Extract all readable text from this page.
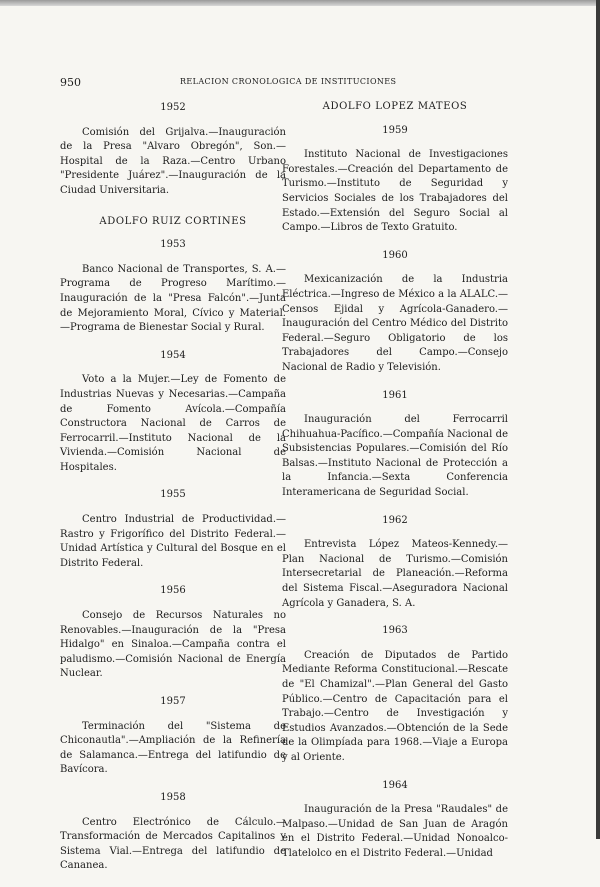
950	RELACION CRONOLOGICA DE INSTITUCIONES
1952

Comisión del Grijalva.—Inauguración de la Presa "Alvaro Obregón", Son.—Hospital de la Raza.—Centro Urbano "Presidente Juárez".—Inauguración de la Ciudad Universitaria.

ADOLFO RUIZ CORTINES
1953

Banco Nacional de Transportes, S. A.—Programa de Progreso Marítimo.—Inauguración de la "Presa Falcón".—Junta de Mejoramiento Moral, Cívico y Material.—Programa de Bienestar Social y Rural.

1954

Voto a la Mujer.—Ley de Fomento de Industrias Nuevas y Necesarias.—Campaña de Fomento Avícola.—Compañía Constructora Nacional de Carros de Ferrocarril.—Instituto Nacional de la Vivienda.—Comisión Nacional de Hospitales.

1955

Centro Industrial de Productividad.—Rastro y Frigorífico del Distrito Federal.—Unidad Artística y Cultural del Bosque en el Distrito Federal.

1956

Consejo de Recursos Naturales no Renovables.—Inauguración de la "Presa Hidalgo" en Sinaloa.—Campaña contra el paludismo.—Comisión Nacional de Energía Nuclear.

1957

Terminación del "Sistema de Chiconautla".—Ampliación de la Refinería de Salamanca.—Entrega del latifundio de Bavícora.

1958

Centro Electrónico de Cálculo.—Transformación de Mercados Capitalinos y Sistema Vial.—Entrega del latifundio de Cananea.

ADOLFO LOPEZ MATEOS
1959

Instituto Nacional de Investigaciones Forestales.—Creación del Departamento de Turismo.—Instituto de Seguridad y Servicios Sociales de los Trabajadores del Estado.—Extensión del Seguro Social al Campo.—Libros de Texto Gratuito.

1960

Mexicanización de la Industria Eléctrica.—Ingreso de México a la ALALC.—Censos Ejidal y Agrícola-Ganadero.—Inauguración del Centro Médico del Distrito Federal.—Seguro Obligatorio de los Trabajadores del Campo.—Consejo Nacional de Radio y Televisión.

1961

Inauguración del Ferrocarril Chihuahua-Pacífico.—Compañía Nacional de Subsistencias Populares.—Comisión del Río Balsas.—Instituto Nacional de Protección a la Infancia.—Sexta Conferencia Interamericana de Seguridad Social.

1962

Entrevista López Mateos-Kennedy.—Plan Nacional de Turismo.—Comisión Intersecretarial de Planeación.—Reforma del Sistema Fiscal.—Aseguradora Nacional Agrícola y Ganadera, S. A.

1963

Creación de Diputados de Partido Mediante Reforma Constitucional.—Rescate de "El Chamizal".—Plan General del Gasto Público.—Centro de Capacitación para el Trabajo.—Centro de Investigación y Estudios Avanzados.—Obtención de la Sede de la Olimpíada para 1968.—Viaje a Europa y al Oriente.

1964

Inauguración de la Presa "Raudales" de Malpaso.—Unidad de San Juan de Aragón en el Distrito Federal.—Unidad Nonoalco-Tlatelolco en el Distrito Federal.—Unidad
